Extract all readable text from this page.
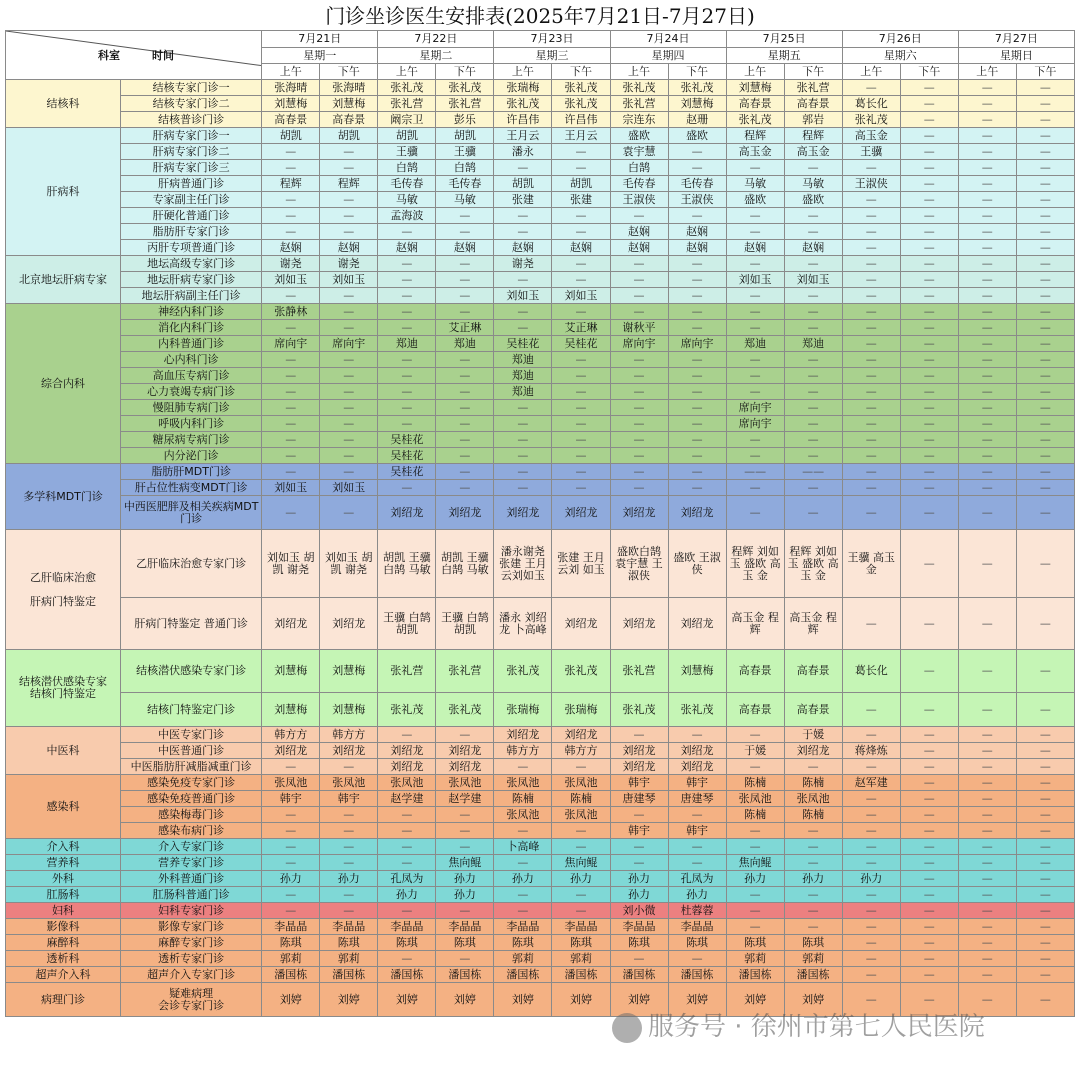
门诊坐诊医生安排表(2025年7月21日-7月27日)
科室 时间		7月21日		7月22日		7月23日		7月24日		7月25日		7月26日		7月27日	
		星期一		星期二		星期三		星期四		星期五		星期六		星期日	
		上午	下午	上午	下午	上午	下午	上午	下午	上午	下午	上午	下午	上午	下午
结核科	结核专家门诊一	张海晴	张海晴	张礼茂	张礼茂	张瑞梅	张礼茂	张礼茂	张礼茂	刘慧梅	张礼营	—	—	—	—
	结核专家门诊二	刘慧梅	刘慧梅	张礼营	张礼营	张礼茂	张礼茂	张礼营	刘慧梅	高春景	高春景	葛长化	—	—	—
	结核普诊门诊	高春景	高春景	阚宗卫	彭乐	许昌伟	许昌伟	宗连东	赵珊	张礼茂	郭岩	张礼茂	—	—	—
肝病科	肝病专家门诊一	胡凯	胡凯	胡凯	胡凯	王月云	王月云	盛欧	盛欧	程辉	程辉	高玉金	—	—	—
	肝病专家门诊二	—	—	王骥	王骥	潘永	—	袁宇慧	—	高玉金	高玉金	王骥	—	—	—
	肝病专家门诊三	—	—	白鹄	白鹄	—	—	白鹄	—	—	—	—	—	—	—
	肝病普通门诊	程辉	程辉	毛传春	毛传春	胡凯	胡凯	毛传春	毛传春	马敏	马敏	王淑侠	—	—	—
	专家副主任门诊	—	—	马敏	马敏	张建	张建	王淑侠	王淑侠	盛欧	盛欧	—	—	—	—
	肝硬化普通门诊	—	—	孟海波	—	—	—	—	—	—	—	—	—	—	—
	脂肪肝专家门诊	—	—	—	—	—	—	赵娴	赵娴	—	—	—	—	—	—
	丙肝专项普通门诊	赵娴	赵娴	赵娴	赵娴	赵娴	赵娴	赵娴	赵娴	赵娴	赵娴	—	—	—	—
北京地坛肝病专家	地坛高级专家门诊	谢尧	谢尧	—	—	谢尧	—	—	—	—	—	—	—	—	—
	地坛肝病专家门诊	刘如玉	刘如玉	—	—	—	—	—	—	刘如玉	刘如玉	—	—	—	—
	地坛肝病副主任门诊	—	—	—	—	刘如玉	刘如玉	—	—	—	—	—	—	—	—
综合内科	神经内科门诊	张静林	—	—	—	—	—	—	—	—	—	—	—	—	—
	消化内科门诊	—	—	—	艾正琳	—	艾正琳	谢秋平	—	—	—	—	—	—	—
	内科普通门诊	席向宇	席向宇	郑迪	郑迪	吴桂花	吴桂花	席向宇	席向宇	郑迪	郑迪	—	—	—	—
	心内科门诊	—	—	—	—	郑迪	—	—	—	—	—	—	—	—	—
	高血压专病门诊	—	—	—	—	郑迪	—	—	—	—	—	—	—	—	—
	心力衰竭专病门诊	—	—	—	—	郑迪	—	—	—	—	—	—	—	—	—
	慢阻肺专病门诊	—	—	—	—	—	—	—	—	席向宇	—	—	—	—	—
	呼吸内科门诊	—	—	—	—	—	—	—	—	席向宇	—	—	—	—	—
	糖尿病专病门诊	—	—	吴桂花	—	—	—	—	—	—	—	—	—	—	—
	内分泌门诊	—	—	吴桂花	—	—	—	—	—	—	—	—	—	—	—
多学科MDT门诊	脂肪肝MDT门诊	—	—	吴桂花	—	—	—	—	—	——	——	—	—	—	—
	肝占位性病变MDT门诊	刘如玉	刘如玉	—	—	—	—	—	—	—	—	—	—	—	—
	中西医肥胖及相关疾病MDT门诊	—	—	刘绍龙	刘绍龙	刘绍龙	刘绍龙	刘绍龙	刘绍龙	—	—	—	—	—	—
乙肝临床治愈

肝病门特鉴定	乙肝临床治愈专家门诊	刘如玉 胡凯 谢尧	刘如玉 胡凯 谢尧	胡凯 王骥 白鹄 马敏	胡凯 王骥 白鹄 马敏	潘永谢尧 张建 王月 云刘如玉	张建 王月云刘 如玉	盛欧白鹄 袁宇慧 王淑侠	盛欧 王淑侠	程辉 刘如 玉 盛欧 高玉 金	程辉 刘如 玉 盛欧 高玉 金	王骥 高玉金	—	—	—
	肝病门特鉴定 普通门诊	刘绍龙	刘绍龙	王骥 白鹄 胡凯	王骥 白鹄 胡凯	潘永 刘绍 龙 卜高峰	刘绍龙	刘绍龙	刘绍龙	高玉金 程 辉	高玉金 程 辉	—	—	—	—
结核潜伏感染专家
结核门特鉴定	结核潜伏感染专家门诊	刘慧梅	刘慧梅	张礼营	张礼营	张礼茂	张礼茂	张礼营	刘慧梅	高春景	高春景	葛长化	—	—	—
	结核门特鉴定门诊	刘慧梅	刘慧梅	张礼茂	张礼茂	张瑞梅	张瑞梅	张礼茂	张礼茂	高春景	高春景	—	—	—	—
中医科	中医专家门诊	韩方方	韩方方	—	—	刘绍龙	刘绍龙	—	—	—	于媛	—	—	—	—
	中医普通门诊	刘绍龙	刘绍龙	刘绍龙	刘绍龙	韩方方	韩方方	刘绍龙	刘绍龙	于媛	刘绍龙	蒋烽炼	—	—	—
	中医脂肪肝减脂减重门诊	—	—	刘绍龙	刘绍龙	—	—	刘绍龙	刘绍龙	—	—	—	—	—	—
感染科	感染免疫专家门诊	张凤池	张凤池	张凤池	张凤池	张凤池	张凤池	韩宇	韩宇	陈楠	陈楠	赵军建	—	—	—
	感染免疫普通门诊	韩宇	韩宇	赵学建	赵学建	陈楠	陈楠	唐建琴	唐建琴	张凤池	张凤池	—	—	—	—
	感染梅毒门诊	—	—	—	—	张凤池	张凤池	—	—	陈楠	陈楠	—	—	—	—
	感染布病门诊	—	—	—	—	—	—	韩宇	韩宇	—	—	—	—	—	—
介入科	介入专家门诊	—	—	—	—	卜高峰	—	—	—	—	—	—	—	—	—
营养科	营养专家门诊	—	—	—	焦向鲲	—	焦向鲲	—	—	焦向鲲	—	—	—	—	—
外科	外科普通门诊	孙力	孙力	孔凤为	孙力	孙力	孙力	孙力	孔凤为	孙力	孙力	孙力	—	—	—
肛肠科	肛肠科普通门诊	—	—	孙力	孙力	—	—	孙力	孙力	—	—	—	—	—	—
妇科	妇科专家门诊	—	—	—	—	—	—	刘小微	杜蓉蓉	—	—	—	—	—	—
影像科	影像专家门诊	李晶晶	李晶晶	李晶晶	李晶晶	李晶晶	李晶晶	李晶晶	李晶晶	—	—	—	—	—	—
麻醉科	麻醉专家门诊	陈琪	陈琪	陈琪	陈琪	陈琪	陈琪	陈琪	陈琪	陈琪	陈琪	—	—	—	—
透析科	透析专家门诊	郭莉	郭莉	—	—	郭莉	郭莉	—	—	郭莉	郭莉	—	—	—	—
超声介入科	超声介入专家门诊	潘国栋	潘国栋	潘国栋	潘国栋	潘国栋	潘国栋	潘国栋	潘国栋	潘国栋	潘国栋	—	—	—	—
病理门诊	疑难病理
会诊专家门诊	刘婷	刘婷	刘婷	刘婷	刘婷	刘婷	刘婷	刘婷	刘婷	刘婷	—	—	—	—
服务号 · 徐州市第七人民医院
